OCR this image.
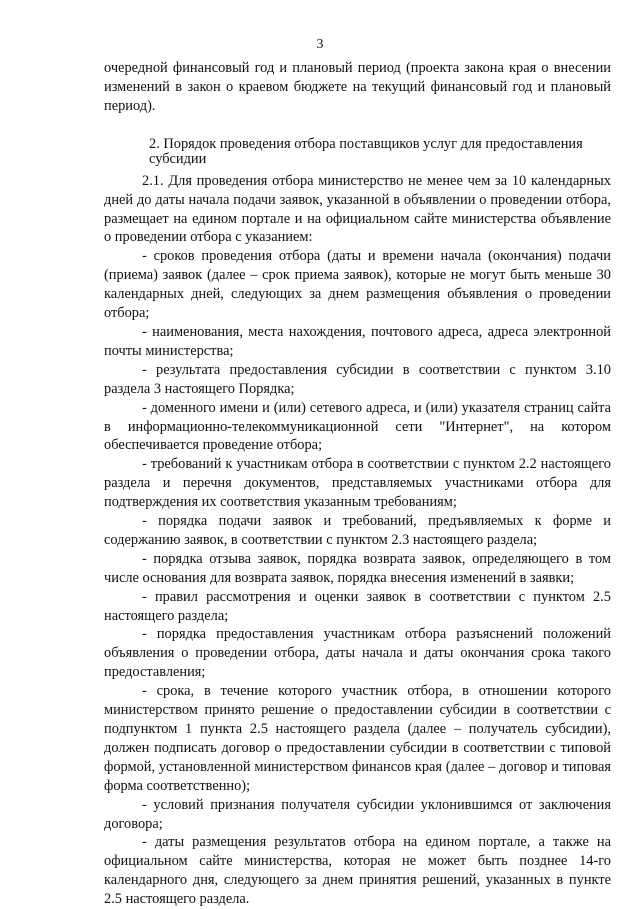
3

очередной финансовый год и плановый период (проекта закона края о внесении изменений в закон о краевом бюджете на текущий финансовый год и плановый период).

2. Порядок проведения отбора поставщиков услуг для предоставления субсидии

2.1. Для проведения отбора министерство не менее чем за 10 календарных дней до даты начала подачи заявок, указанной в объявлении о проведении отбора, размещает на едином портале и на официальном сайте министерства объявление о проведении отбора с указанием:

- сроков проведения отбора (даты и времени начала (окончания) подачи (приема) заявок (далее – срок приема заявок), которые не могут быть меньше 30 календарных дней, следующих за днем размещения объявления о проведении отбора;

- наименования, места нахождения, почтового адреса, адреса электронной почты министерства;

- результата предоставления субсидии в соответствии с пунктом 3.10 раздела 3 настоящего Порядка;

- доменного имени и (или) сетевого адреса, и (или) указателя страниц сайта в информационно-телекоммуникационной сети "Интернет", на котором обеспечивается проведение отбора;

- требований к участникам отбора в соответствии с пунктом 2.2 настоящего раздела и перечня документов, представляемых участниками отбора для подтверждения их соответствия указанным требованиям;

- порядка подачи заявок и требований, предъявляемых к форме и содержанию заявок, в соответствии с пунктом 2.3 настоящего раздела;

- порядка отзыва заявок, порядка возврата заявок, определяющего в том числе основания для возврата заявок, порядка внесения изменений в заявки;

- правил рассмотрения и оценки заявок в соответствии с пунктом 2.5 настоящего раздела;

- порядка предоставления участникам отбора разъяснений положений объявления о проведении отбора, даты начала и даты окончания срока такого предоставления;

- срока, в течение которого участник отбора, в отношении которого министерством принято решение о предоставлении субсидии в соответствии с подпунктом 1 пункта 2.5 настоящего раздела (далее – получатель субсидии), должен подписать договор о предоставлении субсидии в соответствии с типовой формой, установленной министерством финансов края (далее – договор и типовая форма соответственно);

- условий признания получателя субсидии уклонившимся от заключения договора;

- даты размещения результатов отбора на едином портале, а также на официальном сайте министерства, которая не может быть позднее 14-го календарного дня, следующего за днем принятия решений, указанных в пункте 2.5 настоящего раздела.
